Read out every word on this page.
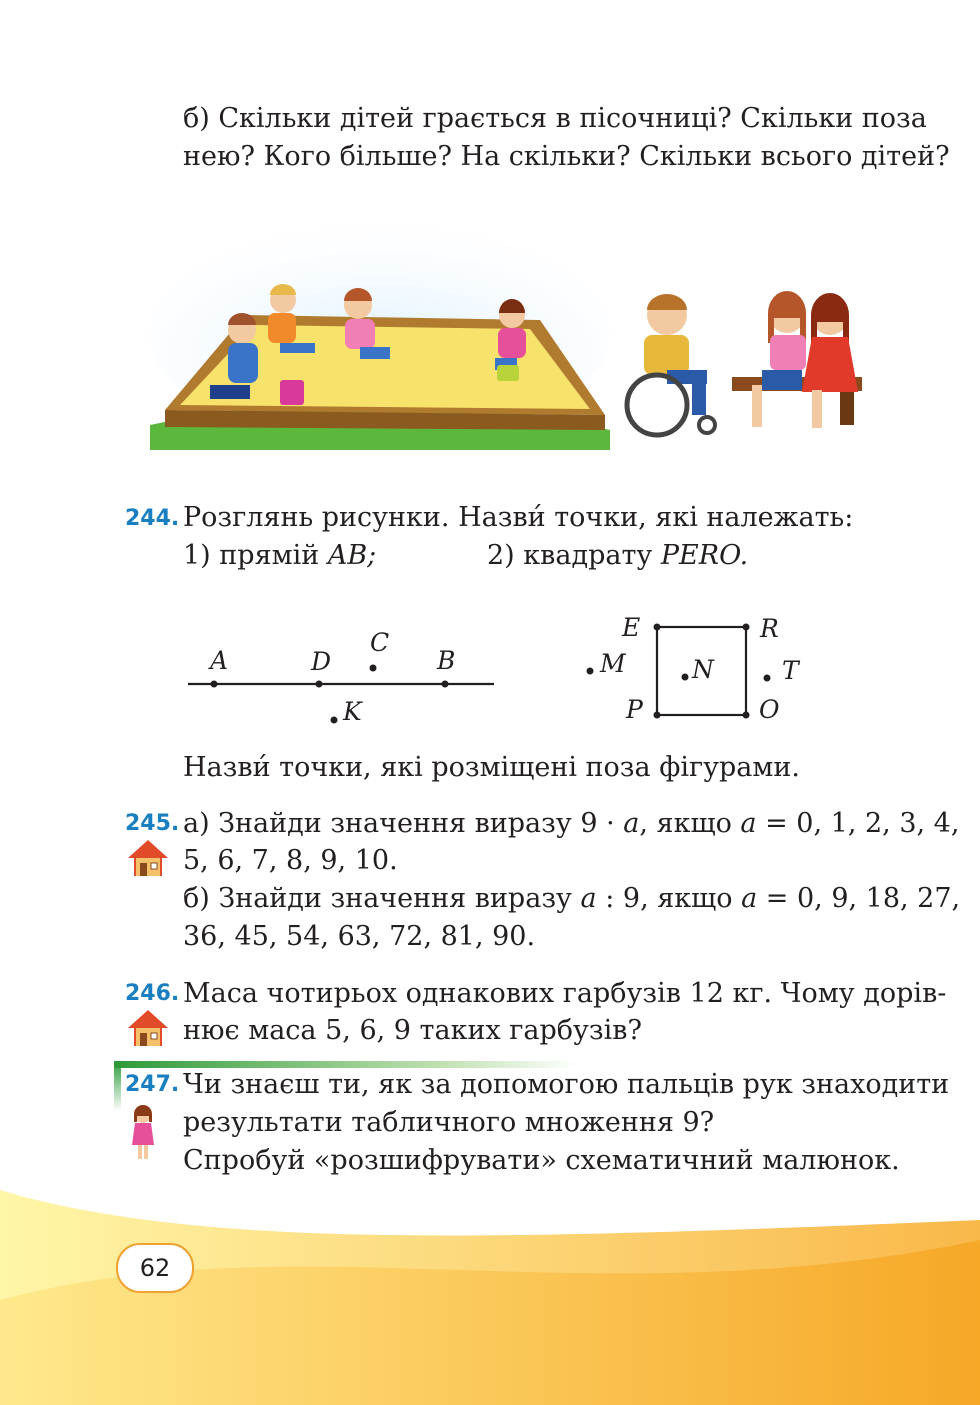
б) Скільки дітей грається в пісочниці? Скільки поза
нею? Кого більше? На скільки? Скільки всього дітей?
244. Розглянь рисунки. Назви́ точки, які належать:
1) прямій AB;	2) квадрату PERO.
A	D
C
B
K
E	R
M	N	T
P	O
Назви́ точки, які розміщені поза фігурами.
245. а) Знайди значення виразу 9 · a, якщо a = 0, 1, 2, 3, 4,
5, 6, 7, 8, 9, 10.
б) Знайди значення виразу a : 9, якщо a = 0, 9, 18, 27,
36, 45, 54, 63, 72, 81, 90.
246. Маса чотирьох однакових гарбузів 12 кг. Чому дорів-
нює маса 5, 6, 9 таких гарбузів?
247. Чи знаєш ти, як за допомогою пальців рук знаходити
результати табличного множення 9?
Спробуй «розшифрувати» схематичний малюнок.
62
